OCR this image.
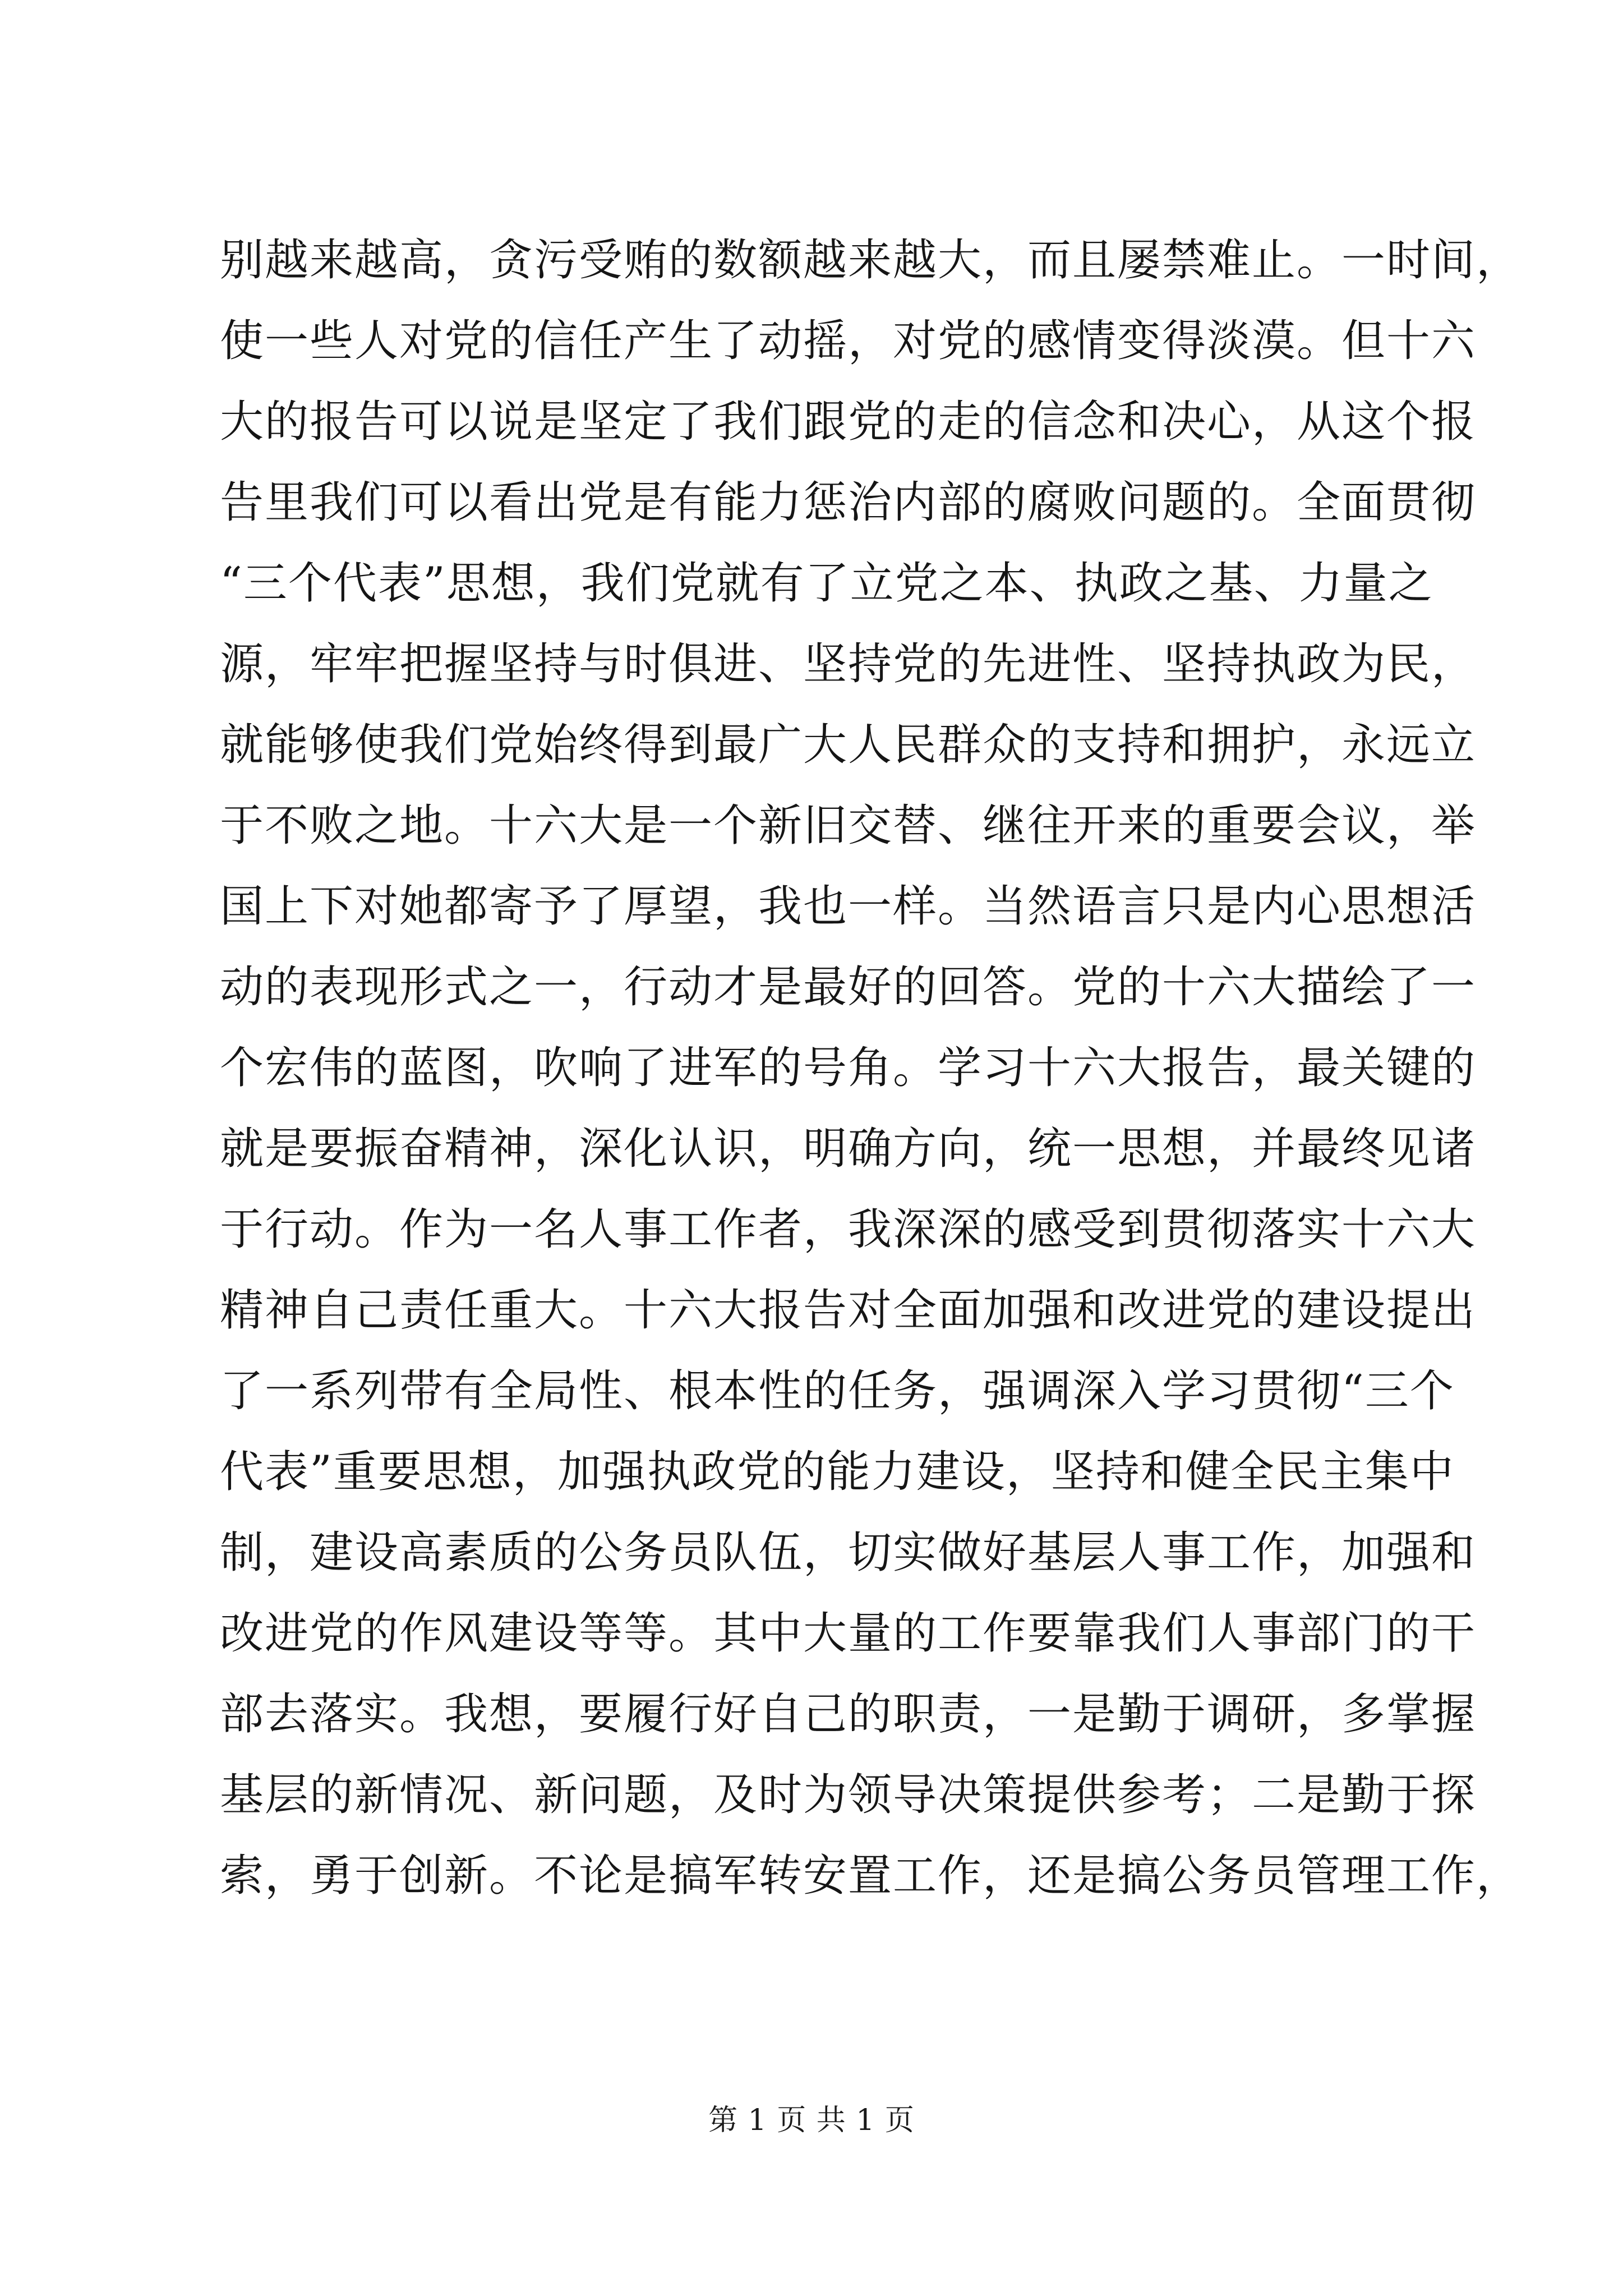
别越来越高，贪污受贿的数额越来越大，而且屡禁难止。一时间，
使一些人对党的信任产生了动摇，对党的感情变得淡漠。但十六
大的报告可以说是坚定了我们跟党的走的信念和决心，从这个报
告里我们可以看出党是有能力惩治内部的腐败问题的。全面贯彻
“三个代表”思想，我们党就有了立党之本、执政之基、力量之
源，牢牢把握坚持与时俱进、坚持党的先进性、坚持执政为民，
就能够使我们党始终得到最广大人民群众的支持和拥护，永远立
于不败之地。十六大是一个新旧交替、继往开来的重要会议，举
国上下对她都寄予了厚望，我也一样。当然语言只是内心思想活
动的表现形式之一，行动才是最好的回答。党的十六大描绘了一
个宏伟的蓝图，吹响了进军的号角。学习十六大报告，最关键的
就是要振奋精神，深化认识，明确方向，统一思想，并最终见诸
于行动。作为一名人事工作者，我深深的感受到贯彻落实十六大
精神自己责任重大。十六大报告对全面加强和改进党的建设提出
了一系列带有全局性、根本性的任务，强调深入学习贯彻“三个
代表”重要思想，加强执政党的能力建设，坚持和健全民主集中
制，建设高素质的公务员队伍，切实做好基层人事工作，加强和
改进党的作风建设等等。其中大量的工作要靠我们人事部门的干
部去落实。我想，要履行好自己的职责，一是勤于调研，多掌握
基层的新情况、新问题，及时为领导决策提供参考；二是勤于探
索，勇于创新。不论是搞军转安置工作，还是搞公务员管理工作，
第 1 页 共 1 页
